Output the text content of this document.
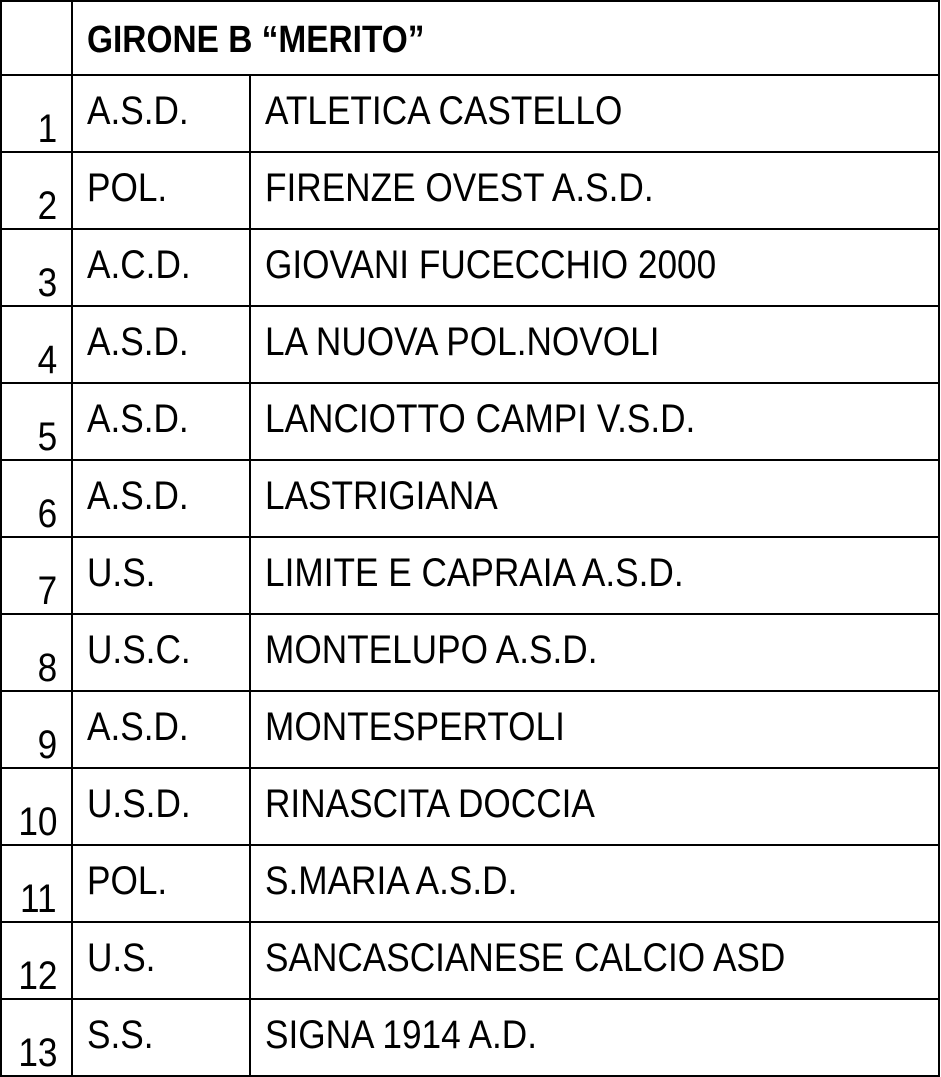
	GIRONE B “MERITO”	
1	A.S.D.	ATLETICA CASTELLO
2	POL.	FIRENZE OVEST A.S.D.
3	A.C.D.	GIOVANI FUCECCHIO 2000
4	A.S.D.	LA NUOVA POL.NOVOLI
5	A.S.D.	LANCIOTTO CAMPI V.S.D.
6	A.S.D.	LASTRIGIANA
7	U.S.	LIMITE E CAPRAIA A.S.D.
8	U.S.C.	MONTELUPO A.S.D.
9	A.S.D.	MONTESPERTOLI
10	U.S.D.	RINASCITA DOCCIA
11	POL.	S.MARIA A.S.D.
12	U.S.	SANCASCIANESE CALCIO ASD
13	S.S.	SIGNA 1914 A.D.
